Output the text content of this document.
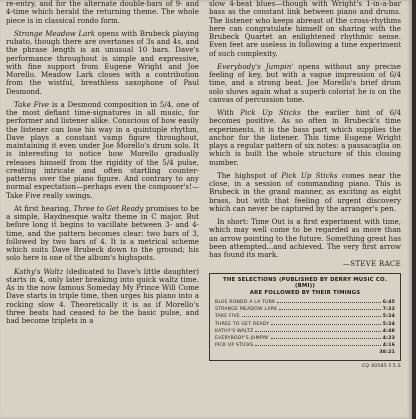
re-entry, and for the alternate double-bars of 9- and 4-time which herald the returning theme. The whole piece is in classical rondo form.

Strange Meadow Lark opens with Brubeck playing rubato, though there are overtones of 3s and 4s, and the phrase length is an unusual 10 bars. Dave's performance throughout is simple and expressive, with fine support from Eugene Wright and Joe Morello. Meadow Lark closes with a contribution from the wistful, breathless saxophone of Paul Desmond.

Take Five is a Desmond composition in 5/4, one of the most defiant time-signatures in all music, for performer and listener alike. Conscious of how easily the listener can lose his way in a quintuple rhythm, Dave plays a constant vamp figure throughout, maintaining it even under Joe Morello's drum solo. It is interesting to notice how Morello gradually releases himself from the rigidity of the 5/4 pulse, creating intricate and often startling counter-patterns over the piano figure. And contrary to any normal expectation—perhaps even the composer's!—Take Five really swings.

At first hearing, Three to Get Ready promises to be a simple, Haydnesque waltz theme in C major. But before long it begins to vacillate between 3- and 4-time, and the pattern becomes clear: two bars of 3, followed by two bars of 4. It is a metrical scheme which suits Dave Brubeck down to the ground; his solo here is one of the album's highspots.

Kathy's Waltz (dedicated to Dave's little daughter) starts in 4, only later breaking into quick waltz time. As in the now famous Someday My Prince Will Come Dave starts in triple time, then urges his piano into a rocking slow 4. Theoretically it is as if Morello's three beats had ceased to be the basic pulse, and had become triplets in a

slow 4-beat blues—though with Wright's 1-in-a-bar bass as the constant link between piano and drums. The listener who keeps abreast of the cross-rhythms here can congratulate himself on sharing with the Brubeck Quartet an enlightened rhythmic sense. Even feet are useless in following a time experiment of such complexity.

Everybody's Jumpin' opens without any precise feeling of key, but with a vague impression of 6/4 time, and a strong beat. Joe Morello's brief drum solo shows again what a superb colorist he is on the canvas of percussion tone.

With Pick Up Sticks the earlier hint of 6/4 becomes positive. As so often in Brubeck's time experiments, it is the bass part which supplies the anchor for the listener. This time Eugene Wright plays a regular pattern of six notes: a passacaglia on which is built the whole structure of this closing number.

The highspot of Pick Up Sticks comes near the close, in a session of commanding piano. This is Brubeck in the grand manner, as exciting as eight brass, but with that feeling of urgent discovery which can never be captured by the arranger's pen.

In short: Time Out is a first experiment with time, which may well come to be regarded as more than an arrow pointing to the future. Something great has been attempted...and achieved. The very first arrow has found its mark.

— STEVE RACE
THE SELECTIONS (PUBLISHED BY DERRY MUSIC CO. (BMI))
ARE FOLLOWED BY THEIR TIMINGS
BLUE RONDO A LA TURK	6:45
STRANGE MEADOW LARK	7:22
TAKE FIVE	5:24
THREE TO GET READY	5:24
KATHY'S WALTZ	4:48
EVERYBODY'S JUMPIN'	4:23
PICK UP STICKS	4:16
38:21
CQ 40585 F.5.S
